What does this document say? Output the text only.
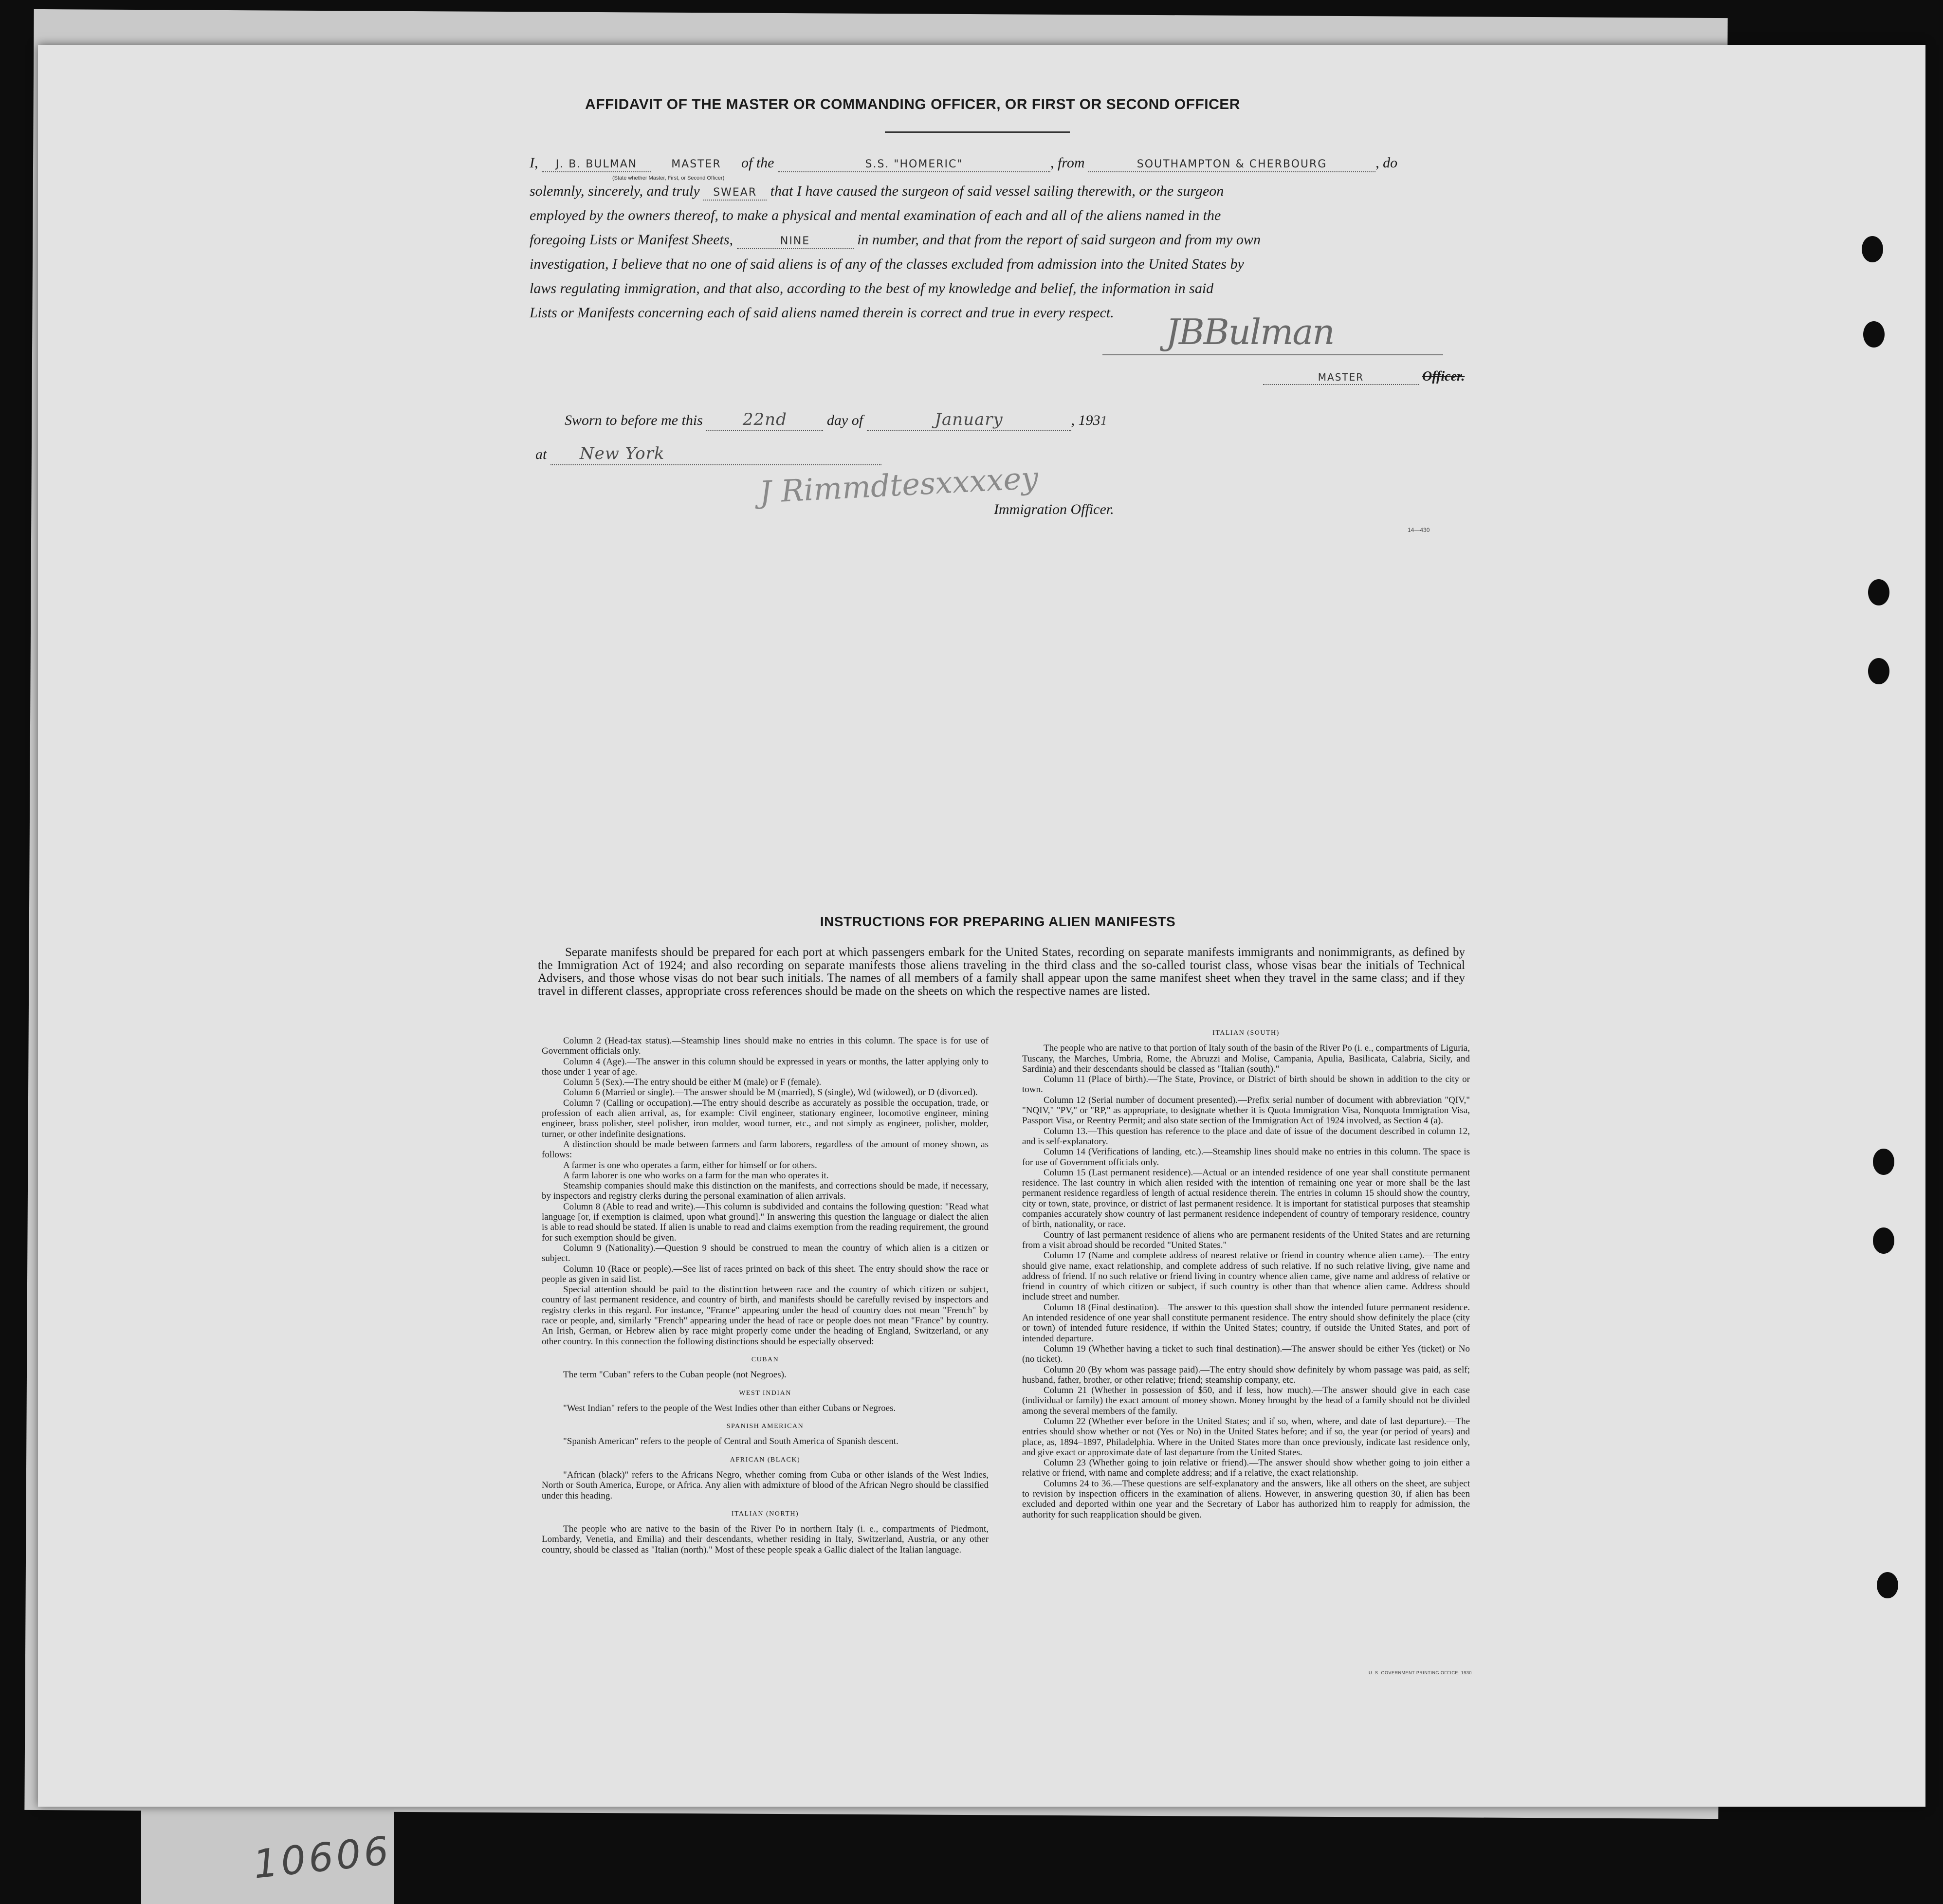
10606
AFFIDAVIT OF THE MASTER OR COMMANDING OFFICER, OR FIRST OR SECOND OFFICER
I, J. B. BULMAN	MASTER of the	S.S. "HOMERIC"	, from	SOUTHAMPTON & CHERBOURG	, do
(State whether Master, First, or Second Officer)
solemnly, sincerely, and truly SWEAR that I have caused the surgeon of said vessel sailing therewith, or the surgeon
employed by the owners thereof, to make a physical and mental examination of each and all of the aliens named in the
foregoing Lists or Manifest Sheets,	NINE	in number, and that from the report of said surgeon and from my own
investigation, I believe that no one of said aliens is of any of the classes excluded from admission into the United States by
laws regulating immigration, and that also, according to the best of my knowledge and belief, the information in said
Lists or Manifests concerning each of said aliens named therein is correct and true in every respect. JBBulman
MASTER	Officer.
Sworn to before me this 22nd	day of	January	, 1931
at New York
J Rimmdtesxxxxey
Immigration Officer.
14—430
INSTRUCTIONS FOR PREPARING ALIEN MANIFESTS
Separate manifests should be prepared for each port at which passengers embark for the United States, recording on separate manifests immigrants and nonimmigrants, as defined by the Immigration Act of 1924; and also recording on separate manifests those aliens traveling in the third class and the so-called tourist class, whose visas bear the initials of Technical Advisers, and those whose visas do not bear such initials. The names of all members of a family shall appear upon the same manifest sheet when they travel in the same class; and if they travel in different classes, appropriate cross references should be made on the sheets on which the respective names are listed.

Column 2 (Head-tax status).—Steamship lines should make no entries in this column. The space is for use of Government officials only.

Column 4 (Age).—The answer in this column should be expressed in years or months, the latter applying only to those under 1 year of age.

Column 5 (Sex).—The entry should be either M (male) or F (female).

Column 6 (Married or single).—The answer should be M (married), S (single), Wd (widowed), or D (divorced).

Column 7 (Calling or occupation).—The entry should describe as accurately as possible the occupation, trade, or profession of each alien arrival, as, for example: Civil engineer, stationary engineer, locomotive engineer, mining engineer, brass polisher, steel polisher, iron molder, wood turner, etc., and not simply as engineer, polisher, molder, turner, or other indefinite designations.

A distinction should be made between farmers and farm laborers, regardless of the amount of money shown, as follows:

A farmer is one who operates a farm, either for himself or for others.

A farm laborer is one who works on a farm for the man who operates it.

Steamship companies should make this distinction on the manifests, and corrections should be made, if necessary, by inspectors and registry clerks during the personal examination of alien arrivals.

Column 8 (Able to read and write).—This column is subdivided and contains the following question: "Read what language [or, if exemption is claimed, upon what ground]." In answering this question the language or dialect the alien is able to read should be stated. If alien is unable to read and claims exemption from the reading requirement, the ground for such exemption should be given.

Column 9 (Nationality).—Question 9 should be construed to mean the country of which alien is a citizen or subject.

Column 10 (Race or people).—See list of races printed on back of this sheet. The entry should show the race or people as given in said list.

Special attention should be paid to the distinction between race and the country of which citizen or subject, country of last permanent residence, and country of birth, and manifests should be carefully revised by inspectors and registry clerks in this regard. For instance, "France" appearing under the head of country does not mean "French" by race or people, and, similarly "French" appearing under the head of race or people does not mean "France" by country. An Irish, German, or Hebrew alien by race might properly come under the heading of England, Switzerland, or any other country. In this connection the following distinctions should be especially observed:

CUBAN

The term "Cuban" refers to the Cuban people (not Negroes).

WEST INDIAN

"West Indian" refers to the people of the West Indies other than either Cubans or Negroes.

SPANISH AMERICAN

"Spanish American" refers to the people of Central and South America of Spanish descent.

AFRICAN (BLACK)

"African (black)" refers to the Africans Negro, whether coming from Cuba or other islands of the West Indies, North or South America, Europe, or Africa. Any alien with admixture of blood of the African Negro should be classified under this heading.

ITALIAN (NORTH)

The people who are native to the basin of the River Po in northern Italy (i. e., compartments of Piedmont, Lombardy, Venetia, and Emilia) and their descendants, whether residing in Italy, Switzerland, Austria, or any other country, should be classed as "Italian (north)." Most of these people speak a Gallic dialect of the Italian language.

ITALIAN (SOUTH)

The people who are native to that portion of Italy south of the basin of the River Po (i. e., compartments of Liguria, Tuscany, the Marches, Umbria, Rome, the Abruzzi and Molise, Campania, Apulia, Basilicata, Calabria, Sicily, and Sardinia) and their descendants should be classed as "Italian (south)."

Column 11 (Place of birth).—The State, Province, or District of birth should be shown in addition to the city or town.

Column 12 (Serial number of document presented).—Prefix serial number of document with abbreviation "QIV," "NQIV," "PV," or "RP," as appropriate, to designate whether it is Quota Immigration Visa, Nonquota Immigration Visa, Passport Visa, or Reentry Permit; and also state section of the Immigration Act of 1924 involved, as Section 4 (a).

Column 13.—This question has reference to the place and date of issue of the document described in column 12, and is self-explanatory.

Column 14 (Verifications of landing, etc.).—Steamship lines should make no entries in this column. The space is for use of Government officials only.

Column 15 (Last permanent residence).—Actual or an intended residence of one year shall constitute permanent residence. The last country in which alien resided with the intention of remaining one year or more shall be the last permanent residence regardless of length of actual residence therein. The entries in column 15 should show the country, city or town, state, province, or district of last permanent residence. It is important for statistical purposes that steamship companies accurately show country of last permanent residence independent of country of temporary residence, country of birth, nationality, or race.

Country of last permanent residence of aliens who are permanent residents of the United States and are returning from a visit abroad should be recorded "United States."

Column 17 (Name and complete address of nearest relative or friend in country whence alien came).—The entry should give name, exact relationship, and complete address of such relative. If no such relative living, give name and address of friend. If no such relative or friend living in country whence alien came, give name and address of relative or friend in country of which citizen or subject, if such country is other than that whence alien came. Address should include street and number.

Column 18 (Final destination).—The answer to this question shall show the intended future permanent residence. An intended residence of one year shall constitute permanent residence. The entry should show definitely the place (city or town) of intended future residence, if within the United States; country, if outside the United States, and port of intended departure.

Column 19 (Whether having a ticket to such final destination).—The answer should be either Yes (ticket) or No (no ticket).

Column 20 (By whom was passage paid).—The entry should show definitely by whom passage was paid, as self; husband, father, brother, or other relative; friend; steamship company, etc.

Column 21 (Whether in possession of $50, and if less, how much).—The answer should give in each case (individual or family) the exact amount of money shown. Money brought by the head of a family should not be divided among the several members of the family.

Column 22 (Whether ever before in the United States; and if so, when, where, and date of last departure).—The entries should show whether or not (Yes or No) in the United States before; and if so, the year (or period of years) and place, as, 1894–1897, Philadelphia. Where in the United States more than once previously, indicate last residence only, and give exact or approximate date of last departure from the United States.

Column 23 (Whether going to join relative or friend).—The answer should show whether going to join either a relative or friend, with name and complete address; and if a relative, the exact relationship.

Columns 24 to 36.—These questions are self-explanatory and the answers, like all others on the sheet, are subject to revision by inspection officers in the examination of aliens. However, in answering question 30, if alien has been excluded and deported within one year and the Secretary of Labor has authorized him to reapply for admission, the authority for such reapplication should be given.

U. S. GOVERNMENT PRINTING OFFICE: 1930
